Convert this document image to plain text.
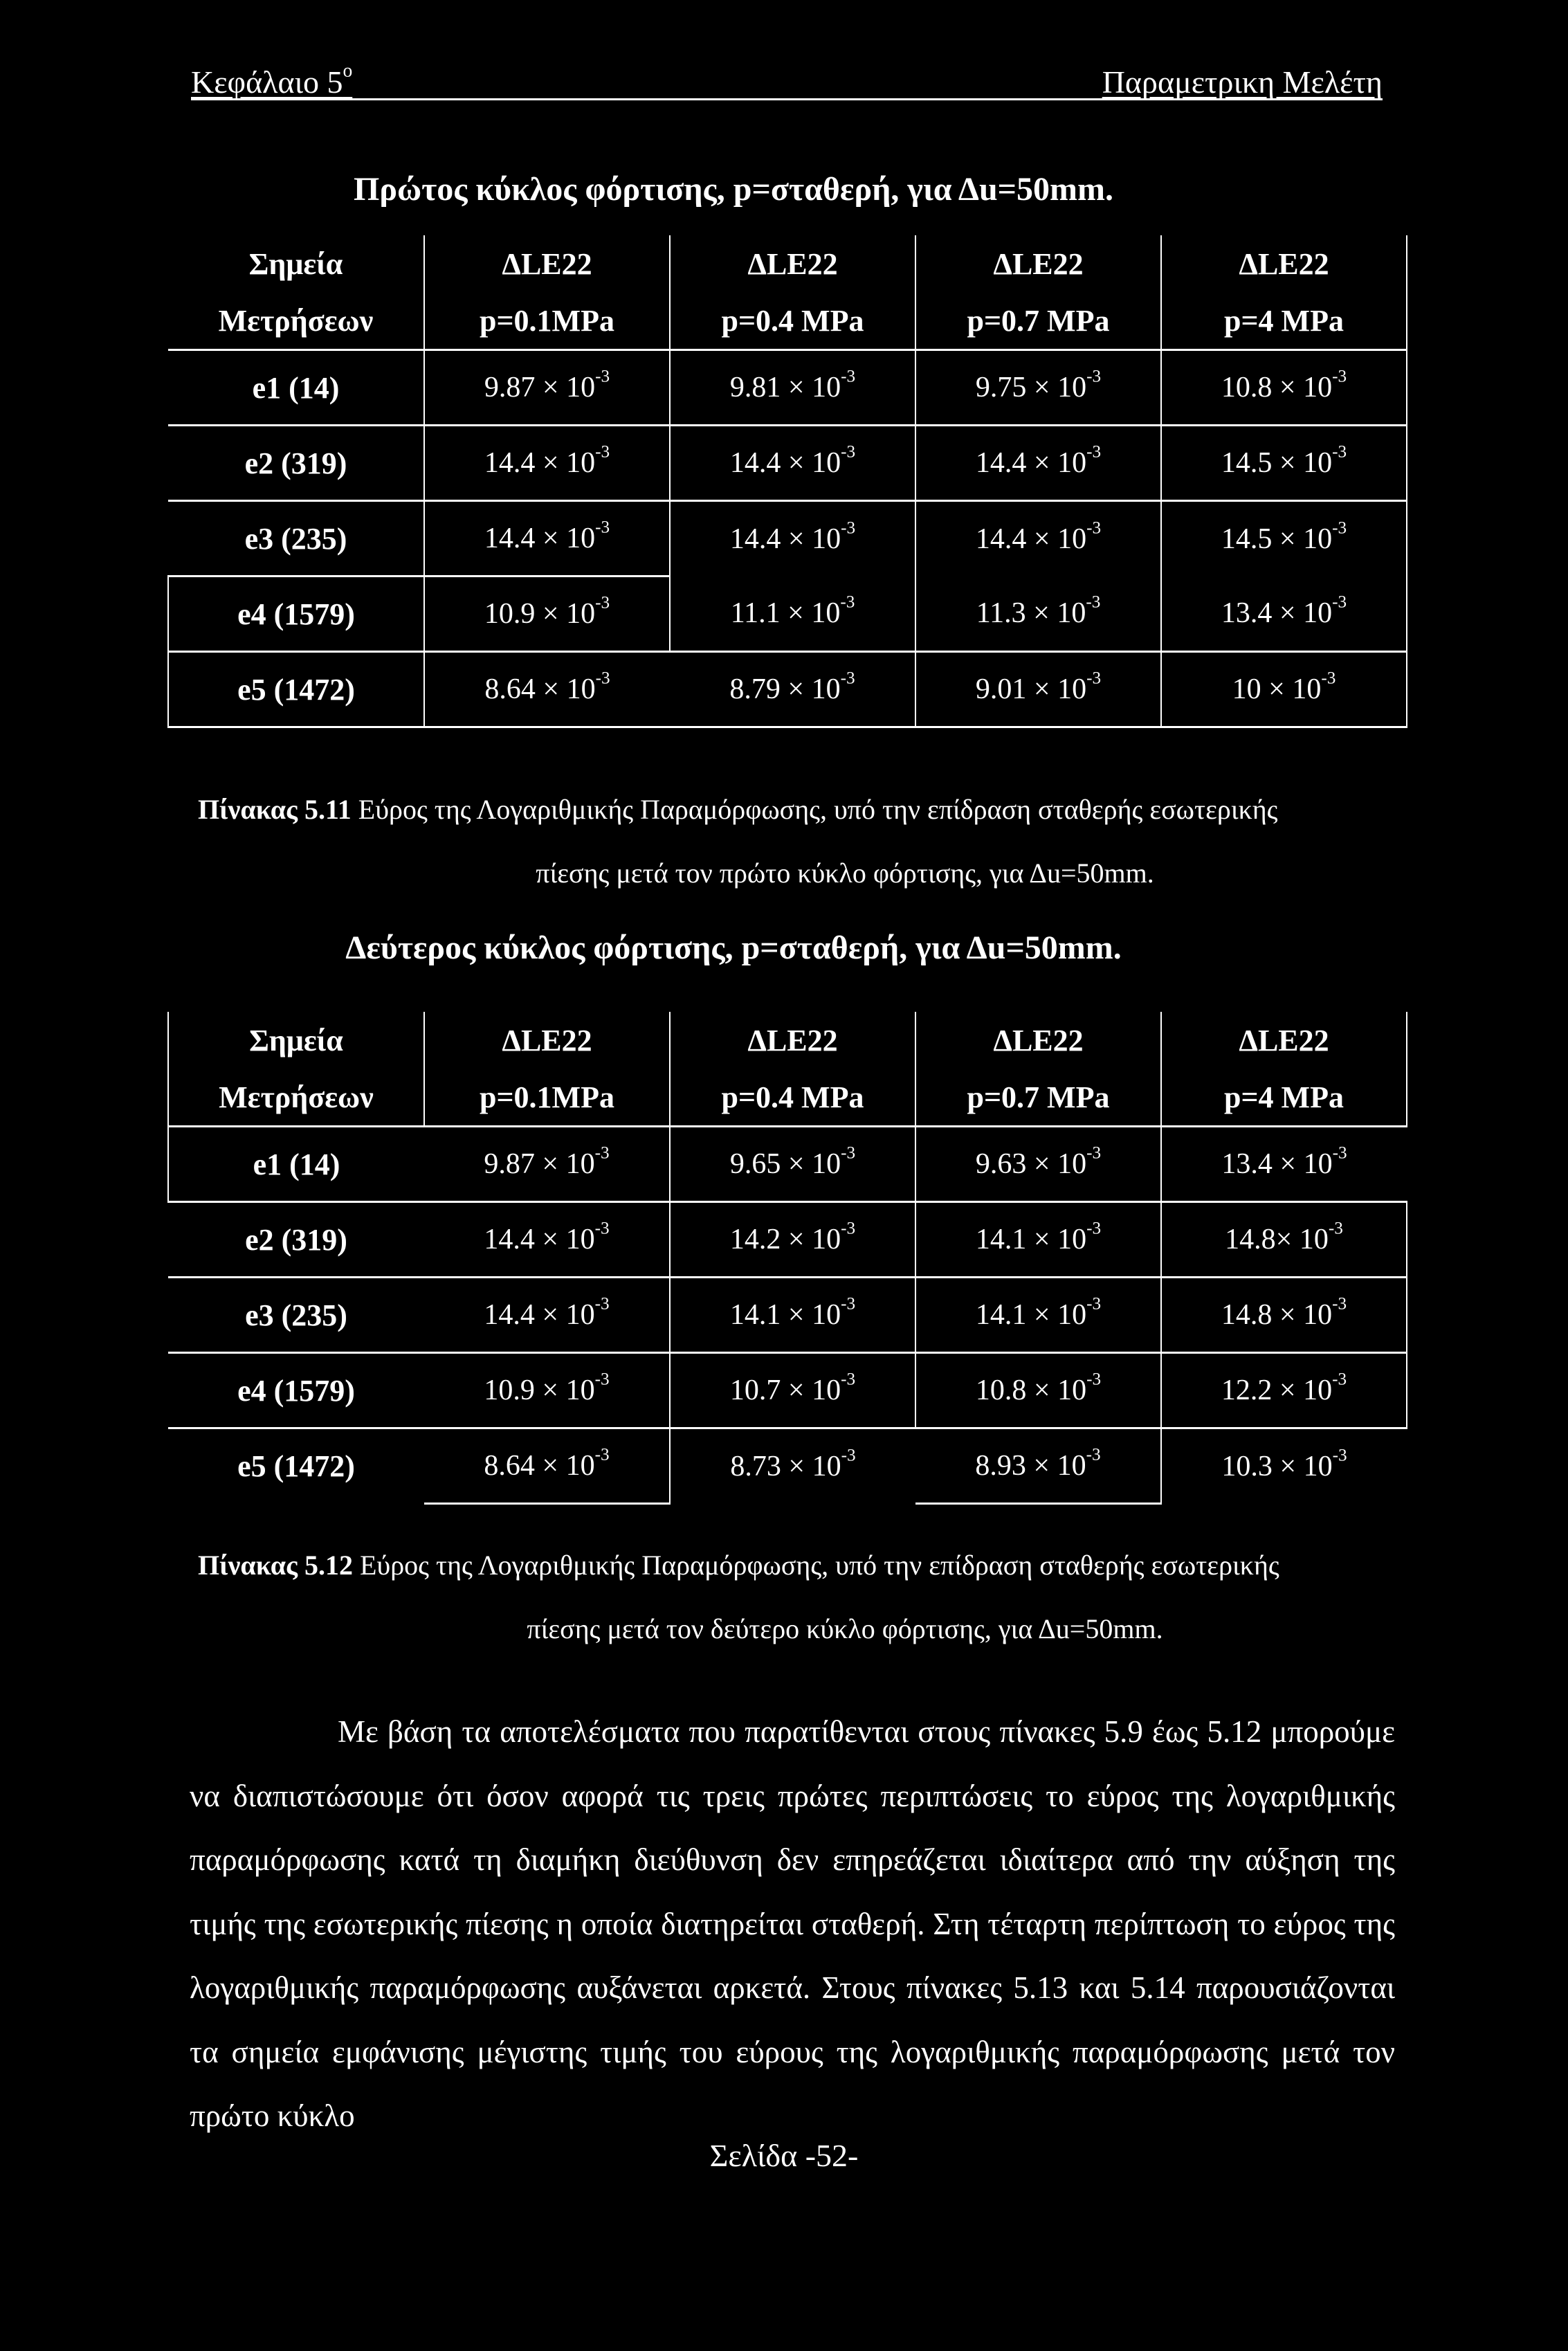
Κεφάλαιο $5^o$	Παραμετρικη Μελέτη
Πρώτος κύκλος φόρτισης, p=σταθερή, για Δu=50mm.
Σημεία	ΔLE22	ΔLE22	ΔLE22	ΔLE22
Μετρήσεων	p=0.1MPa	p=0.4 MPa	p=0.7 MPa	p=4 MPa
e1 (14)	$9.87 \times 10^{-3}$	$9.81 \times 10^{-3}$	$9.75 \times 10^{-3}$	$10.8 \times 10^{-3}$
e2 (319)	$14.4 \times 10^{-3}$	$14.4 \times 10^{-3}$	$14.4 \times 10^{-3}$	$14.5 \times 10^{-3}$
e3 (235)	$14.4 \times 10^{-3}$	$14.4 \times 10^{-3}$	$14.4 \times 10^{-3}$	$14.5 \times 10^{-3}$
e4 (1579)	$10.9 \times 10^{-3}$	$11.1 \times 10^{-3}$	$11.3 \times 10^{-3}$	$13.4 \times 10^{-3}$
e5 (1472)	$8.64 \times 10^{-3}$	$8.79 \times 10^{-3}$	$9.01 \times 10^{-3}$	$10 \times 10^{-3}$
Πίνακας 5.11 Εύρος της Λογαριθμικής Παραμόρφωσης, υπό την επίδραση σταθερής εσωτερικής
πίεσης μετά τον πρώτο κύκλο φόρτισης, για Δu=50mm.
Δεύτερος κύκλος φόρτισης, p=σταθερή, για Δu=50mm.
Σημεία	ΔLE22	ΔLE22	ΔLE22	ΔLE22
Μετρήσεων	p=0.1MPa	p=0.4 MPa	p=0.7 MPa	p=4 MPa
e1 (14)	$9.87 \times 10^{-3}$	$9.65 \times 10^{-3}$	$9.63 \times 10^{-3}$	$13.4 \times 10^{-3}$
e2 (319)	$14.4 \times 10^{-3}$	$14.2 \times 10^{-3}$	$14.1 \times 10^{-3}$	$14.8\times 10^{-3}$
e3 (235)	$14.4 \times 10^{-3}$	$14.1 \times 10^{-3}$	$14.1 \times 10^{-3}$	$14.8 \times 10^{-3}$
e4 (1579)	$10.9 \times 10^{-3}$	$10.7 \times 10^{-3}$	$10.8 \times 10^{-3}$	$12.2 \times 10^{-3}$
e5 (1472)	$8.64 \times 10^{-3}$	$8.73 \times 10^{-3}$	$8.93 \times 10^{-3}$	$10.3 \times 10^{-3}$
Πίνακας 5.12 Εύρος της Λογαριθμικής Παραμόρφωσης, υπό την επίδραση σταθερής εσωτερικής
πίεσης μετά τον δεύτερο κύκλο φόρτισης, για Δu=50mm.
Με βάση τα αποτελέσματα που παρατίθενται στους πίνακες 5.9 έως 5.12 μπορούμε να διαπιστώσουμε ότι όσον αφορά τις τρεις πρώτες περιπτώσεις το εύρος της λογαριθμικής παραμόρφωσης κατά τη διαμήκη διεύθυνση δεν επηρεάζεται ιδιαίτερα από την αύξηση της τιμής της εσωτερικής πίεσης η οποία διατηρείται σταθερή. Στη τέταρτη περίπτωση το εύρος της λογαριθμικής παραμόρφωσης αυξάνεται αρκετά. Στους πίνακες 5.13 και 5.14 παρουσιάζονται τα σημεία εμφάνισης μέγιστης τιμής του εύρους της λογαριθμικής παραμόρφωσης μετά τον πρώτο κύκλο
Σελίδα -52-
